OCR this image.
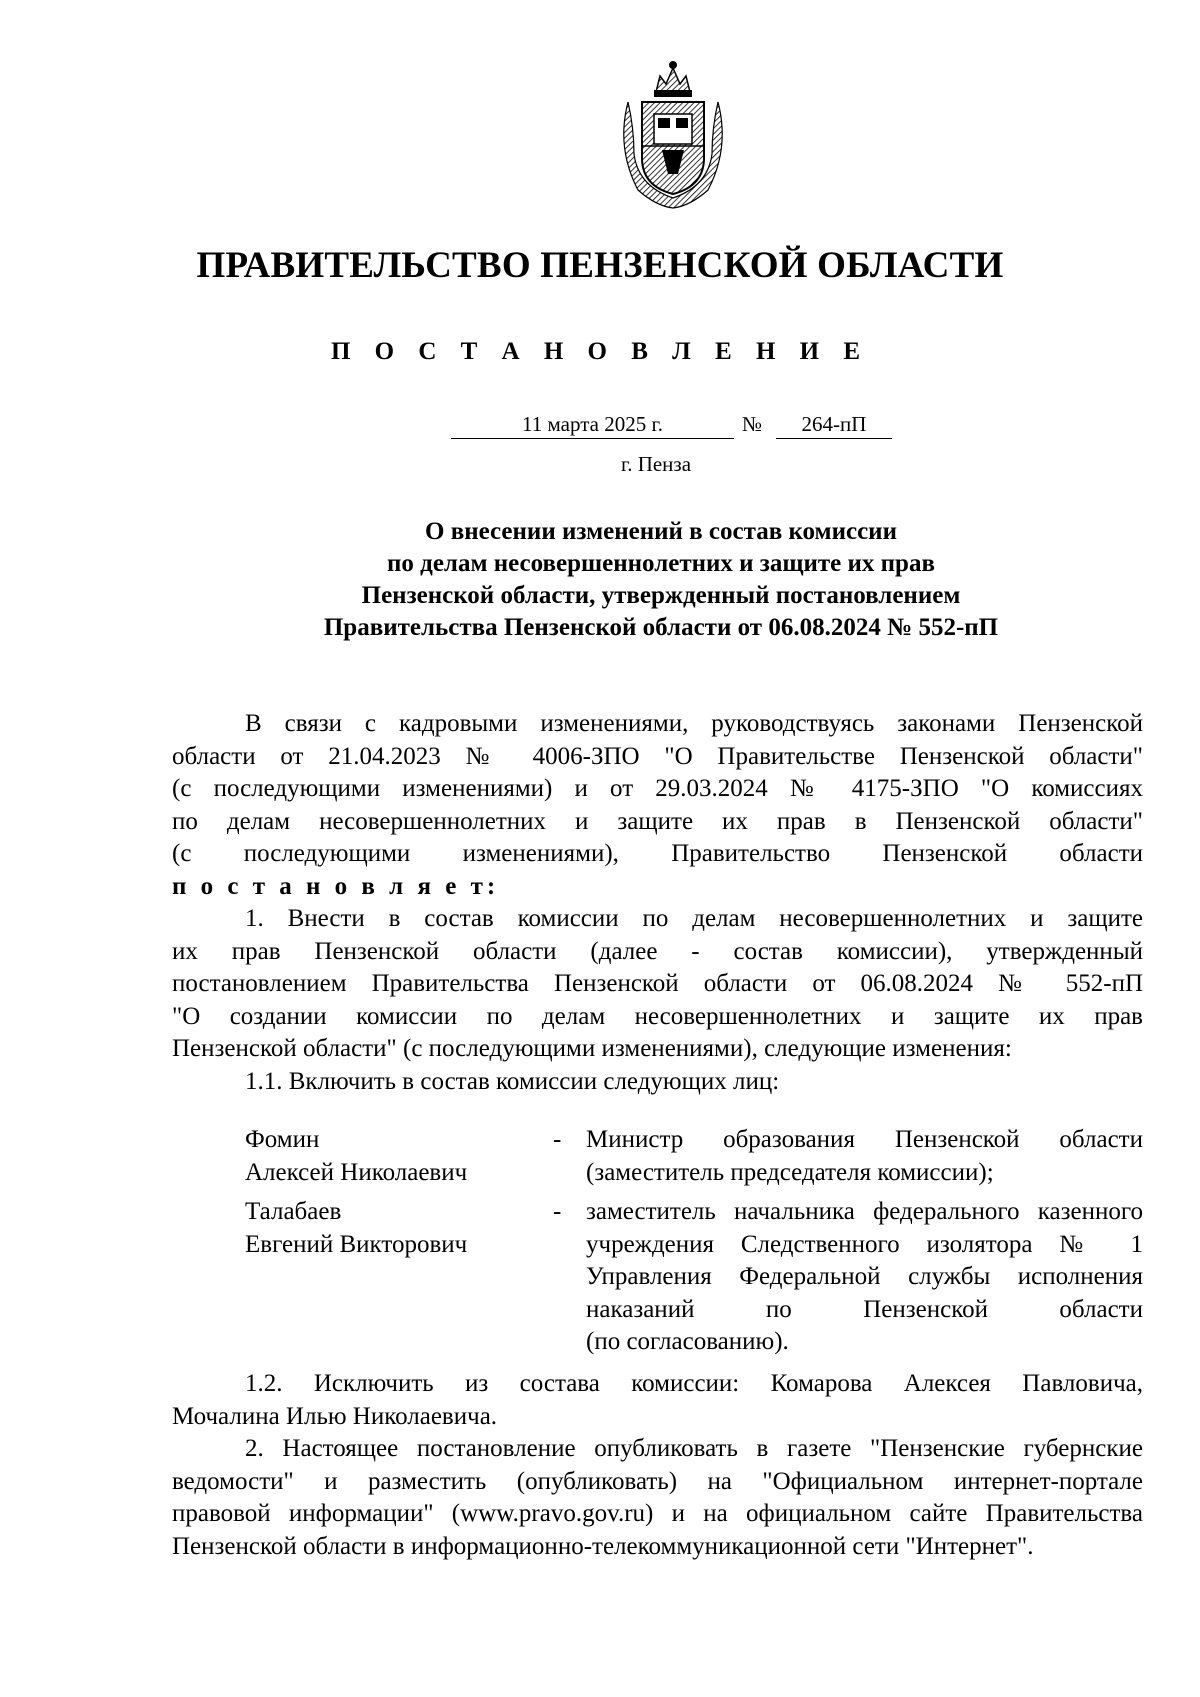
ПРАВИТЕЛЬСТВО ПЕНЗЕНСКОЙ ОБЛАСТИ
П О С Т А Н О В Л Е Н И Е
11 марта 2025 г.	№	264-пП
г. Пенза
О внесении изменений в состав комиссии
по делам несовершеннолетних и защите их прав
Пензенской области, утвержденный постановлением
Правительства Пензенской области от 06.08.2024 № 552-пП

В связи с кадровыми изменениями, руководствуясь законами Пензенской

области от 21.04.2023 № 4006-ЗПО "О Правительстве Пензенской области"

(с последующими изменениями) и от 29.03.2024 № 4175-ЗПО "О комиссиях

по делам несовершеннолетних и защите их прав в Пензенской области"

(с последующими изменениями), Правительство Пензенской области

п о с т а н о в л я е т:

1. Внести в состав комиссии по делам несовершеннолетних и защите

их прав Пензенской области (далее - состав комиссии), утвержденный

постановлением Правительства Пензенской области от 06.08.2024 № 552-пП

"О создании комиссии по делам несовершеннолетних и защите их прав

Пензенской области" (с последующими изменениями), следующие изменения:

1.1. Включить в состав комиссии следующих лиц:

Фомин
Алексей Николаевич
- Министр образования Пензенской области

(заместитель председателя комиссии);

Талабаев
Евгений Викторович
- заместитель начальника федерального казенного

учреждения Следственного изолятора № 1

Управления Федеральной службы исполнения

наказаний по Пензенской области

(по согласованию).

1.2. Исключить из состава комиссии: Комарова Алексея Павловича,

Мочалина Илью Николаевича.

2. Настоящее постановление опубликовать в газете "Пензенские губернские

ведомости" и разместить (опубликовать) на "Официальном интернет-портале

правовой информации" (www.pravo.gov.ru) и на официальном сайте Правительства

Пензенской области в информационно-телекоммуникационной сети "Интернет".
